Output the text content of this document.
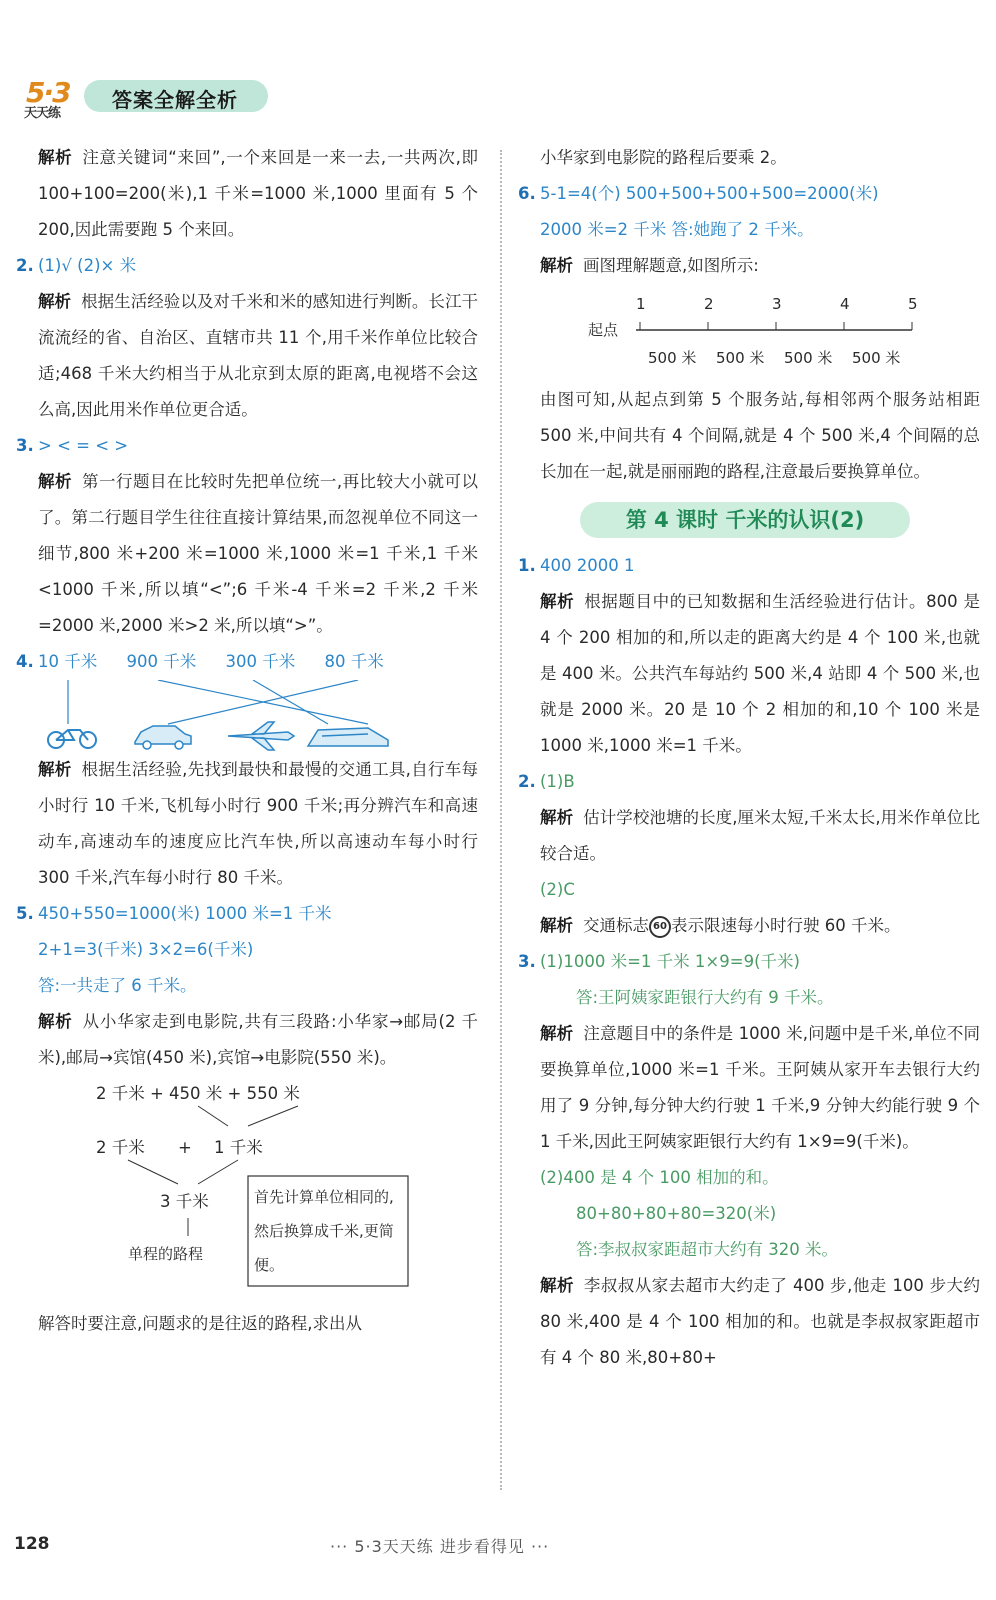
5·3
天天练
答案全解全析

解析 注意关键词“来回”,一个来回是一来一去,一共两次,即 100+100=200(米),1 千米=1000 米,1000 里面有 5 个 200,因此需要跑 5 个来回。

2. (1)√ (2)× 米

解析 根据生活经验以及对千米和米的感知进行判断。长江干流流经的省、自治区、直辖市共 11 个,用千米作单位比较合适;468 千米大约相当于从北京到太原的距离,电视塔不会这么高,因此用米作单位更合适。

3. > < = < >

解析 第一行题目在比较时先把单位统一,再比较大小就可以了。第二行题目学生往往直接计算结果,而忽视单位不同这一细节,800 米+200 米=1000 米,1000 米=1 千米,1 千米<1000 千米,所以填“<”;6 千米-4 千米=2 千米,2 千米=2000 米,2000 米>2 米,所以填“>”。

4. 10 千米 900 千米 300 千米 80 千米

解析 根据生活经验,先找到最快和最慢的交通工具,自行车每小时行 10 千米,飞机每小时行 900 千米;再分辨汽车和高速动车,高速动车的速度应比汽车快,所以高速动车每小时行 300 千米,汽车每小时行 80 千米。

5. 450+550=1000(米) 1000 米=1 千米

2+1=3(千米) 3×2=6(千米)

答:一共走了 6 千米。

解析 从小华家走到电影院,共有三段路:小华家→邮局(2 千米),邮局→宾馆(450 米),宾馆→电影院(550 米)。

2 千米 + 450 米 + 550 米
2 千米 + 1 千米
3 千米
单程的路程
首先计算单位相同的,然后换算成千米,更简便。

解答时要注意,问题求的是往返的路程,求出从

小华家到电影院的路程后要乘 2。

6. 5-1=4(个) 500+500+500+500=2000(米)

2000 米=2 千米 答:她跑了 2 千米。

解析 画图理解题意,如图所示:

起点
1	2	3	4	5
500 米 500 米 500 米 500 米

由图可知,从起点到第 5 个服务站,每相邻两个服务站相距 500 米,中间共有 4 个间隔,就是 4 个 500 米,4 个间隔的总长加在一起,就是丽丽跑的路程,注意最后要换算单位。

第 4 课时 千米的认识(2)

1. 400 2000 1

解析 根据题目中的已知数据和生活经验进行估计。800 是 4 个 200 相加的和,所以走的距离大约是 4 个 100 米,也就是 400 米。公共汽车每站约 500 米,4 站即 4 个 500 米,也就是 2000 米。20 是 10 个 2 相加的和,10 个 100 米是 1000 米,1000 米=1 千米。

2. (1)B

解析 估计学校池塘的长度,厘米太短,千米太长,用米作单位比较合适。

(2)C

解析 交通标志 60 表示限速每小时行驶 60 千米。

3. (1)1000 米=1 千米 1×9=9(千米)

答:王阿姨家距银行大约有 9 千米。

解析 注意题目中的条件是 1000 米,问题中是千米,单位不同要换算单位,1000 米=1 千米。王阿姨从家开车去银行大约用了 9 分钟,每分钟大约行驶 1 千米,9 分钟大约能行驶 9 个 1 千米,因此王阿姨家距银行大约有 1×9=9(千米)。

(2)400 是 4 个 100 相加的和。

80+80+80+80=320(米)

答:李叔叔家距超市大约有 320 米。

解析 李叔叔从家去超市大约走了 400 步,他走 100 步大约 80 米,400 是 4 个 100 相加的和。也就是李叔叔家距超市有 4 个 80 米,80+80+

128	··· 5·3天天练 进步看得见 ···
